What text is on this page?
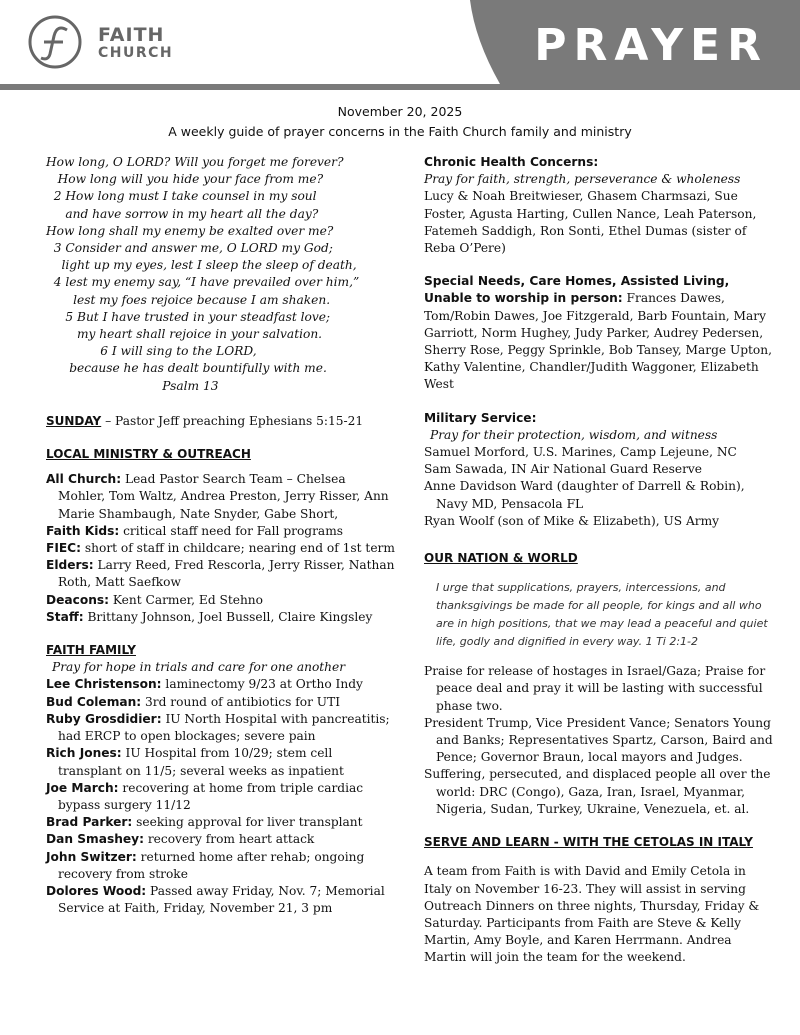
FAITH
CHURCH	PRAYER
November 20, 2025
A weekly guide of prayer concerns in the Faith Church family and ministry
How long, O LORD? Will you forget me forever?
How long will you hide your face from me?
2 How long must I take counsel in my soul
and have sorrow in my heart all the day?
How long shall my enemy be exalted over me?
3 Consider and answer me, O LORD my God;
light up my eyes, lest I sleep the sleep of death,
4 lest my enemy say, “I have prevailed over him,”
lest my foes rejoice because I am shaken.
5 But I have trusted in your steadfast love;
my heart shall rejoice in your salvation.
6 I will sing to the LORD,
because he has dealt bountifully with me.
Psalm 13

SUNDAY – Pastor Jeff preaching Ephesians 5:15-21

LOCAL MINISTRY & OUTREACH

All Church: Lead Pastor Search Team – Chelsea Mohler, Tom Waltz, Andrea Preston, Jerry Risser, Ann Marie Shambaugh, Nate Snyder, Gabe Short,

Faith Kids: critical staff need for Fall programs

FIEC: short of staff in childcare; nearing end of 1st term

Elders: Larry Reed, Fred Rescorla, Jerry Risser, Nathan Roth, Matt Saefkow

Deacons: Kent Carmer, Ed Stehno

Staff: Brittany Johnson, Joel Bussell, Claire Kingsley

FAITH FAMILY

Pray for hope in trials and care for one another

Lee Christenson: laminectomy 9/23 at Ortho Indy

Bud Coleman: 3rd round of antibiotics for UTI

Ruby Grosdidier: IU North Hospital with pancreatitis; had ERCP to open blockages; severe pain

Rich Jones: IU Hospital from 10/29; stem cell transplant on 11/5; several weeks as inpatient

Joe March: recovering at home from triple cardiac bypass surgery 11/12

Brad Parker: seeking approval for liver transplant

Dan Smashey: recovery from heart attack

John Switzer: returned home after rehab; ongoing recovery from stroke

Dolores Wood: Passed away Friday, Nov. 7; Memorial Service at Faith, Friday, November 21, 3 pm

Chronic Health Concerns:

Pray for faith, strength, perseverance & wholeness

Lucy & Noah Breitwieser, Ghasem Charmsazi, Sue Foster, Agusta Harting, Cullen Nance, Leah Paterson, Fatemeh Saddigh, Ron Sonti, Ethel Dumas (sister of Reba O’Pere)

Special Needs, Care Homes, Assisted Living, Unable to worship in person: Frances Dawes, Tom/Robin Dawes, Joe Fitzgerald, Barb Fountain, Mary Garriott, Norm Hughey, Judy Parker, Audrey Pedersen, Sherry Rose, Peggy Sprinkle, Bob Tansey, Marge Upton, Kathy Valentine, Chandler/Judith Waggoner, Elizabeth West

Military Service:

Pray for their protection, wisdom, and witness

Samuel Morford, U.S. Marines, Camp Lejeune, NC

Sam Sawada, IN Air National Guard Reserve

Anne Davidson Ward (daughter of Darrell & Robin), Navy MD, Pensacola FL

Ryan Woolf (son of Mike & Elizabeth), US Army

OUR NATION & WORLD

I urge that supplications, prayers, intercessions, and thanksgivings be made for all people, for kings and all who are in high positions, that we may lead a peaceful and quiet life, godly and dignified in every way. 1 Ti 2:1-2

Praise for release of hostages in Israel/Gaza; Praise for peace deal and pray it will be lasting with successful phase two.

President Trump, Vice President Vance; Senators Young and Banks; Representatives Spartz, Carson, Baird and Pence; Governor Braun, local mayors and Judges.

Suffering, persecuted, and displaced people all over the world: DRC (Congo), Gaza, Iran, Israel, Myanmar, Nigeria, Sudan, Turkey, Ukraine, Venezuela, et. al.

SERVE AND LEARN - WITH THE CETOLAS IN ITALY

A team from Faith is with David and Emily Cetola in Italy on November 16-23. They will assist in serving Outreach Dinners on three nights, Thursday, Friday & Saturday. Participants from Faith are Steve & Kelly Martin, Amy Boyle, and Karen Herrmann. Andrea Martin will join the team for the weekend.
